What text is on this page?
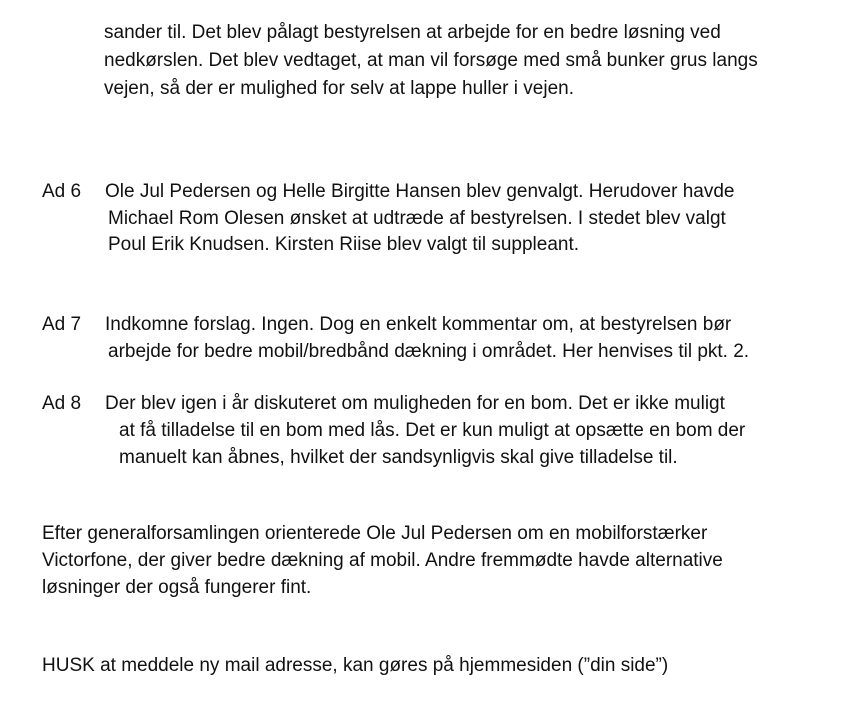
sander til. Det blev pålagt bestyrelsen at arbejde for en bedre løsning ved
nedkørslen. Det blev vedtaget, at man vil forsøge med små bunker grus langs
vejen, så der er mulighed for selv at lappe huller i vejen.
Ad 6 Ole Jul Pedersen og Helle Birgitte Hansen blev genvalgt. Herudover havde
Michael Rom Olesen ønsket at udtræde af bestyrelsen. I stedet blev valgt
Poul Erik Knudsen. Kirsten Riise blev valgt til suppleant.
Ad 7 Indkomne forslag. Ingen. Dog en enkelt kommentar om, at bestyrelsen bør
arbejde for bedre mobil/bredbånd dækning i området. Her henvises til pkt. 2.
Ad 8 Der blev igen i år diskuteret om muligheden for en bom. Det er ikke muligt
at få tilladelse til en bom med lås. Det er kun muligt at opsætte en bom der
manuelt kan åbnes, hvilket der sandsynligvis skal give tilladelse til.
Efter generalforsamlingen orienterede Ole Jul Pedersen om en mobilforstærker
Victorfone, der giver bedre dækning af mobil. Andre fremmødte havde alternative
løsninger der også fungerer fint.
HUSK at meddele ny mail adresse, kan gøres på hjemmesiden (”din side”)
